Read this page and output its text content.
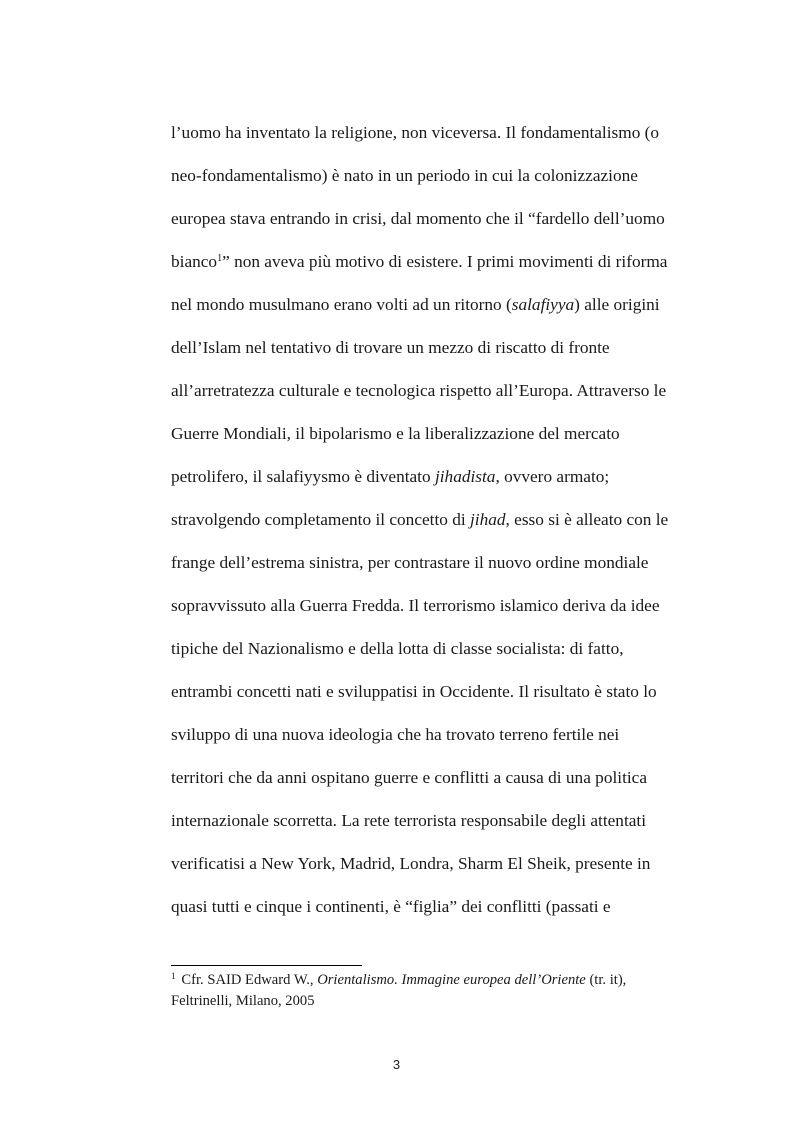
l’uomo ha inventato la religione, non viceversa. Il fondamentalismo (o
neo-fondamentalismo) è nato in un periodo in cui la colonizzazione
europea stava entrando in crisi, dal momento che il “fardello dell’uomo
bianco$^1$” non aveva più motivo di esistere. I primi movimenti di riforma
nel mondo musulmano erano volti ad un ritorno (salafiyya) alle origini
dell’Islam nel tentativo di trovare un mezzo di riscatto di fronte
all’arretratezza culturale e tecnologica rispetto all’Europa. Attraverso le
Guerre Mondiali, il bipolarismo e la liberalizzazione del mercato
petrolifero, il salafiyysmo è diventato jihadista, ovvero armato;
stravolgendo completamento il concetto di jihad, esso si è alleato con le
frange dell’estrema sinistra, per contrastare il nuovo ordine mondiale
sopravvissuto alla Guerra Fredda. Il terrorismo islamico deriva da idee
tipiche del Nazionalismo e della lotta di classe socialista: di fatto,
entrambi concetti nati e sviluppatisi in Occidente. Il risultato è stato lo
sviluppo di una nuova ideologia che ha trovato terreno fertile nei
territori che da anni ospitano guerre e conflitti a causa di una politica
internazionale scorretta. La rete terrorista responsabile degli attentati
verificatisi a New York, Madrid, Londra, Sharm El Sheik, presente in
quasi tutti e cinque i continenti, è “figlia” dei conflitti (passati e
$^1$ Cfr. SAID Edward W., Orientalismo. Immagine europea dell’Oriente (tr. it),
Feltrinelli, Milano, 2005
3
